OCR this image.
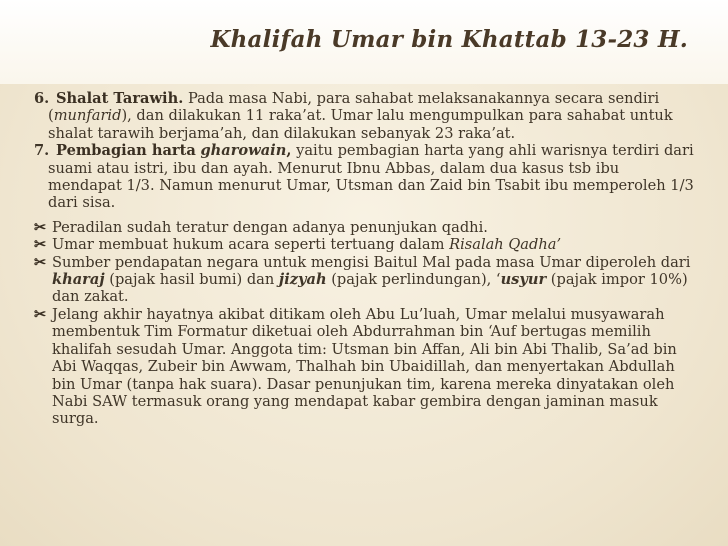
Khalifah Umar bin Khattab 13-23 H.

6. Shalat Tarawih. Pada masa Nabi, para sahabat melaksanakannya secara sendiri (munfarid), dan dilakukan 11 raka’at. Umar lalu mengumpulkan para sahabat untuk shalat tarawih berjama’ah, dan dilakukan sebanyak 23 raka’at.

7. Pembagian harta gharowain, yaitu pembagian harta yang ahli warisnya terdiri dari suami atau istri, ibu dan ayah. Menurut Ibnu Abbas, dalam dua kasus tsb ibu mendapat 1/3. Namun menurut Umar, Utsman dan Zaid bin Tsabit ibu memperoleh 1/3 dari sisa.

✂ Peradilan sudah teratur dengan adanya penunjukan qadhi.

✂ Umar membuat hukum acara seperti tertuang dalam Risalah Qadha’

✂ Sumber pendapatan negara untuk mengisi Baitul Mal pada masa Umar diperoleh dari kharaj (pajak hasil bumi) dan jizyah (pajak perlindungan), ‘usyur (pajak impor 10%) dan zakat.

✂ Jelang akhir hayatnya akibat ditikam oleh Abu Lu’luah, Umar melalui musyawarah membentuk Tim Formatur diketuai oleh Abdurrahman bin ‘Auf bertugas memilih khalifah sesudah Umar. Anggota tim: Utsman bin Affan, Ali bin Abi Thalib, Sa’ad bin Abi Waqqas, Zubeir bin Awwam, Thalhah bin Ubaidillah, dan menyertakan Abdullah bin Umar (tanpa hak suara). Dasar penunjukan tim, karena mereka dinyatakan oleh Nabi SAW termasuk orang yang mendapat kabar gembira dengan jaminan masuk surga.
